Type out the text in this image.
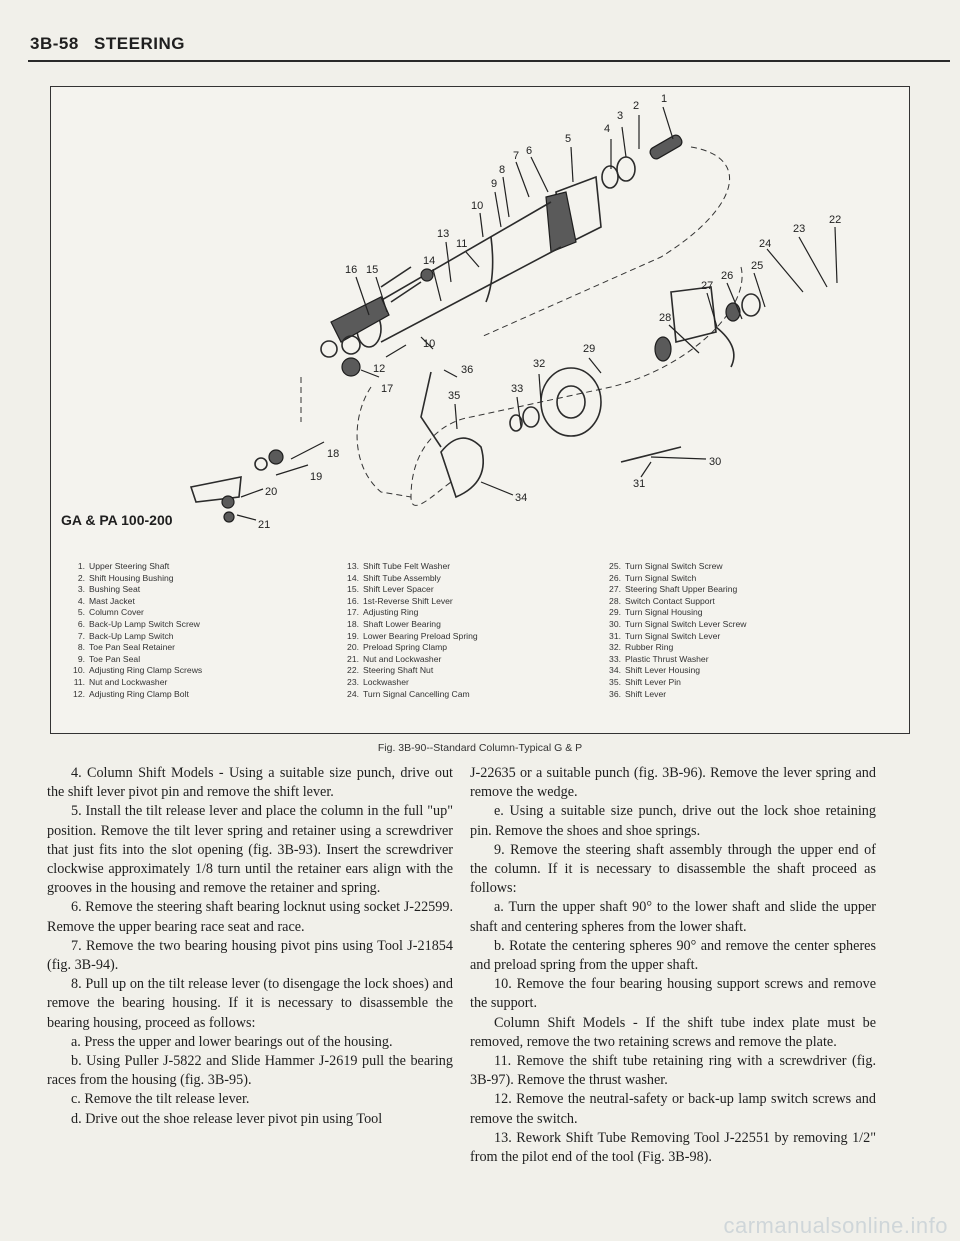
3B-58 STEERING
1
2
3
4
5
6
7
8
9
10
11
13
14
15
16
10
12
17
18
19
20
21
22
23
24
25
26
27
28
29
32
36
35
33
30
31
34
GA & PA 100-200
1. Upper Steering Shaft
2. Shift Housing Bushing
3. Bushing Seat
4. Mast Jacket
5. Column Cover
6. Back-Up Lamp Switch Screw
7. Back-Up Lamp Switch
8. Toe Pan Seal Retainer
9. Toe Pan Seal
10. Adjusting Ring Clamp Screws
11. Nut and Lockwasher
12. Adjusting Ring Clamp Bolt
13. Shift Tube Felt Washer
14. Shift Tube Assembly
15. Shift Lever Spacer
16. 1st-Reverse Shift Lever
17. Adjusting Ring
18. Shaft Lower Bearing
19. Lower Bearing Preload Spring
20. Preload Spring Clamp
21. Nut and Lockwasher
22. Steering Shaft Nut
23. Lockwasher
24. Turn Signal Cancelling Cam
25. Turn Signal Switch Screw
26. Turn Signal Switch
27. Steering Shaft Upper Bearing
28. Switch Contact Support
29. Turn Signal Housing
30. Turn Signal Switch Lever Screw
31. Turn Signal Switch Lever
32. Rubber Ring
33. Plastic Thrust Washer
34. Shift Lever Housing
35. Shift Lever Pin
36. Shift Lever
Fig. 3B-90--Standard Column-Typical G & P

4. Column Shift Models - Using a suitable size punch, drive out the shift lever pivot pin and remove the shift lever.

5. Install the tilt release lever and place the column in the full "up" position. Remove the tilt lever spring and retainer using a screwdriver that just fits into the slot opening (fig. 3B-93). Insert the screwdriver clockwise approximately 1/8 turn until the retainer ears align with the grooves in the housing and remove the retainer and spring.

6. Remove the steering shaft bearing locknut using socket J-22599. Remove the upper bearing race seat and race.

7. Remove the two bearing housing pivot pins using Tool J-21854 (fig. 3B-94).

8. Pull up on the tilt release lever (to disengage the lock shoes) and remove the bearing housing. If it is necessary to disassemble the bearing housing, proceed as follows:

a. Press the upper and lower bearings out of the housing.

b. Using Puller J-5822 and Slide Hammer J-2619 pull the bearing races from the housing (fig. 3B-95).

c. Remove the tilt release lever.

d. Drive out the shoe release lever pivot pin using Tool

J-22635 or a suitable punch (fig. 3B-96). Remove the lever spring and remove the wedge.

e. Using a suitable size punch, drive out the lock shoe retaining pin. Remove the shoes and shoe springs.

9. Remove the steering shaft assembly through the upper end of the column. If it is necessary to disassemble the shaft proceed as follows:

a. Turn the upper shaft 90° to the lower shaft and slide the upper shaft and centering spheres from the lower shaft.

b. Rotate the centering spheres 90° and remove the center spheres and preload spring from the upper shaft.

10. Remove the four bearing housing support screws and remove the support.

Column Shift Models - If the shift tube index plate must be removed, remove the two retaining screws and remove the plate.

11. Remove the shift tube retaining ring with a screwdriver (fig. 3B-97). Remove the thrust washer.

12. Remove the neutral-safety or back-up lamp switch screws and remove the switch.

13. Rework Shift Tube Removing Tool J-22551 by removing 1/2" from the pilot end of the tool (Fig. 3B-98).

carmanualsonline.info
